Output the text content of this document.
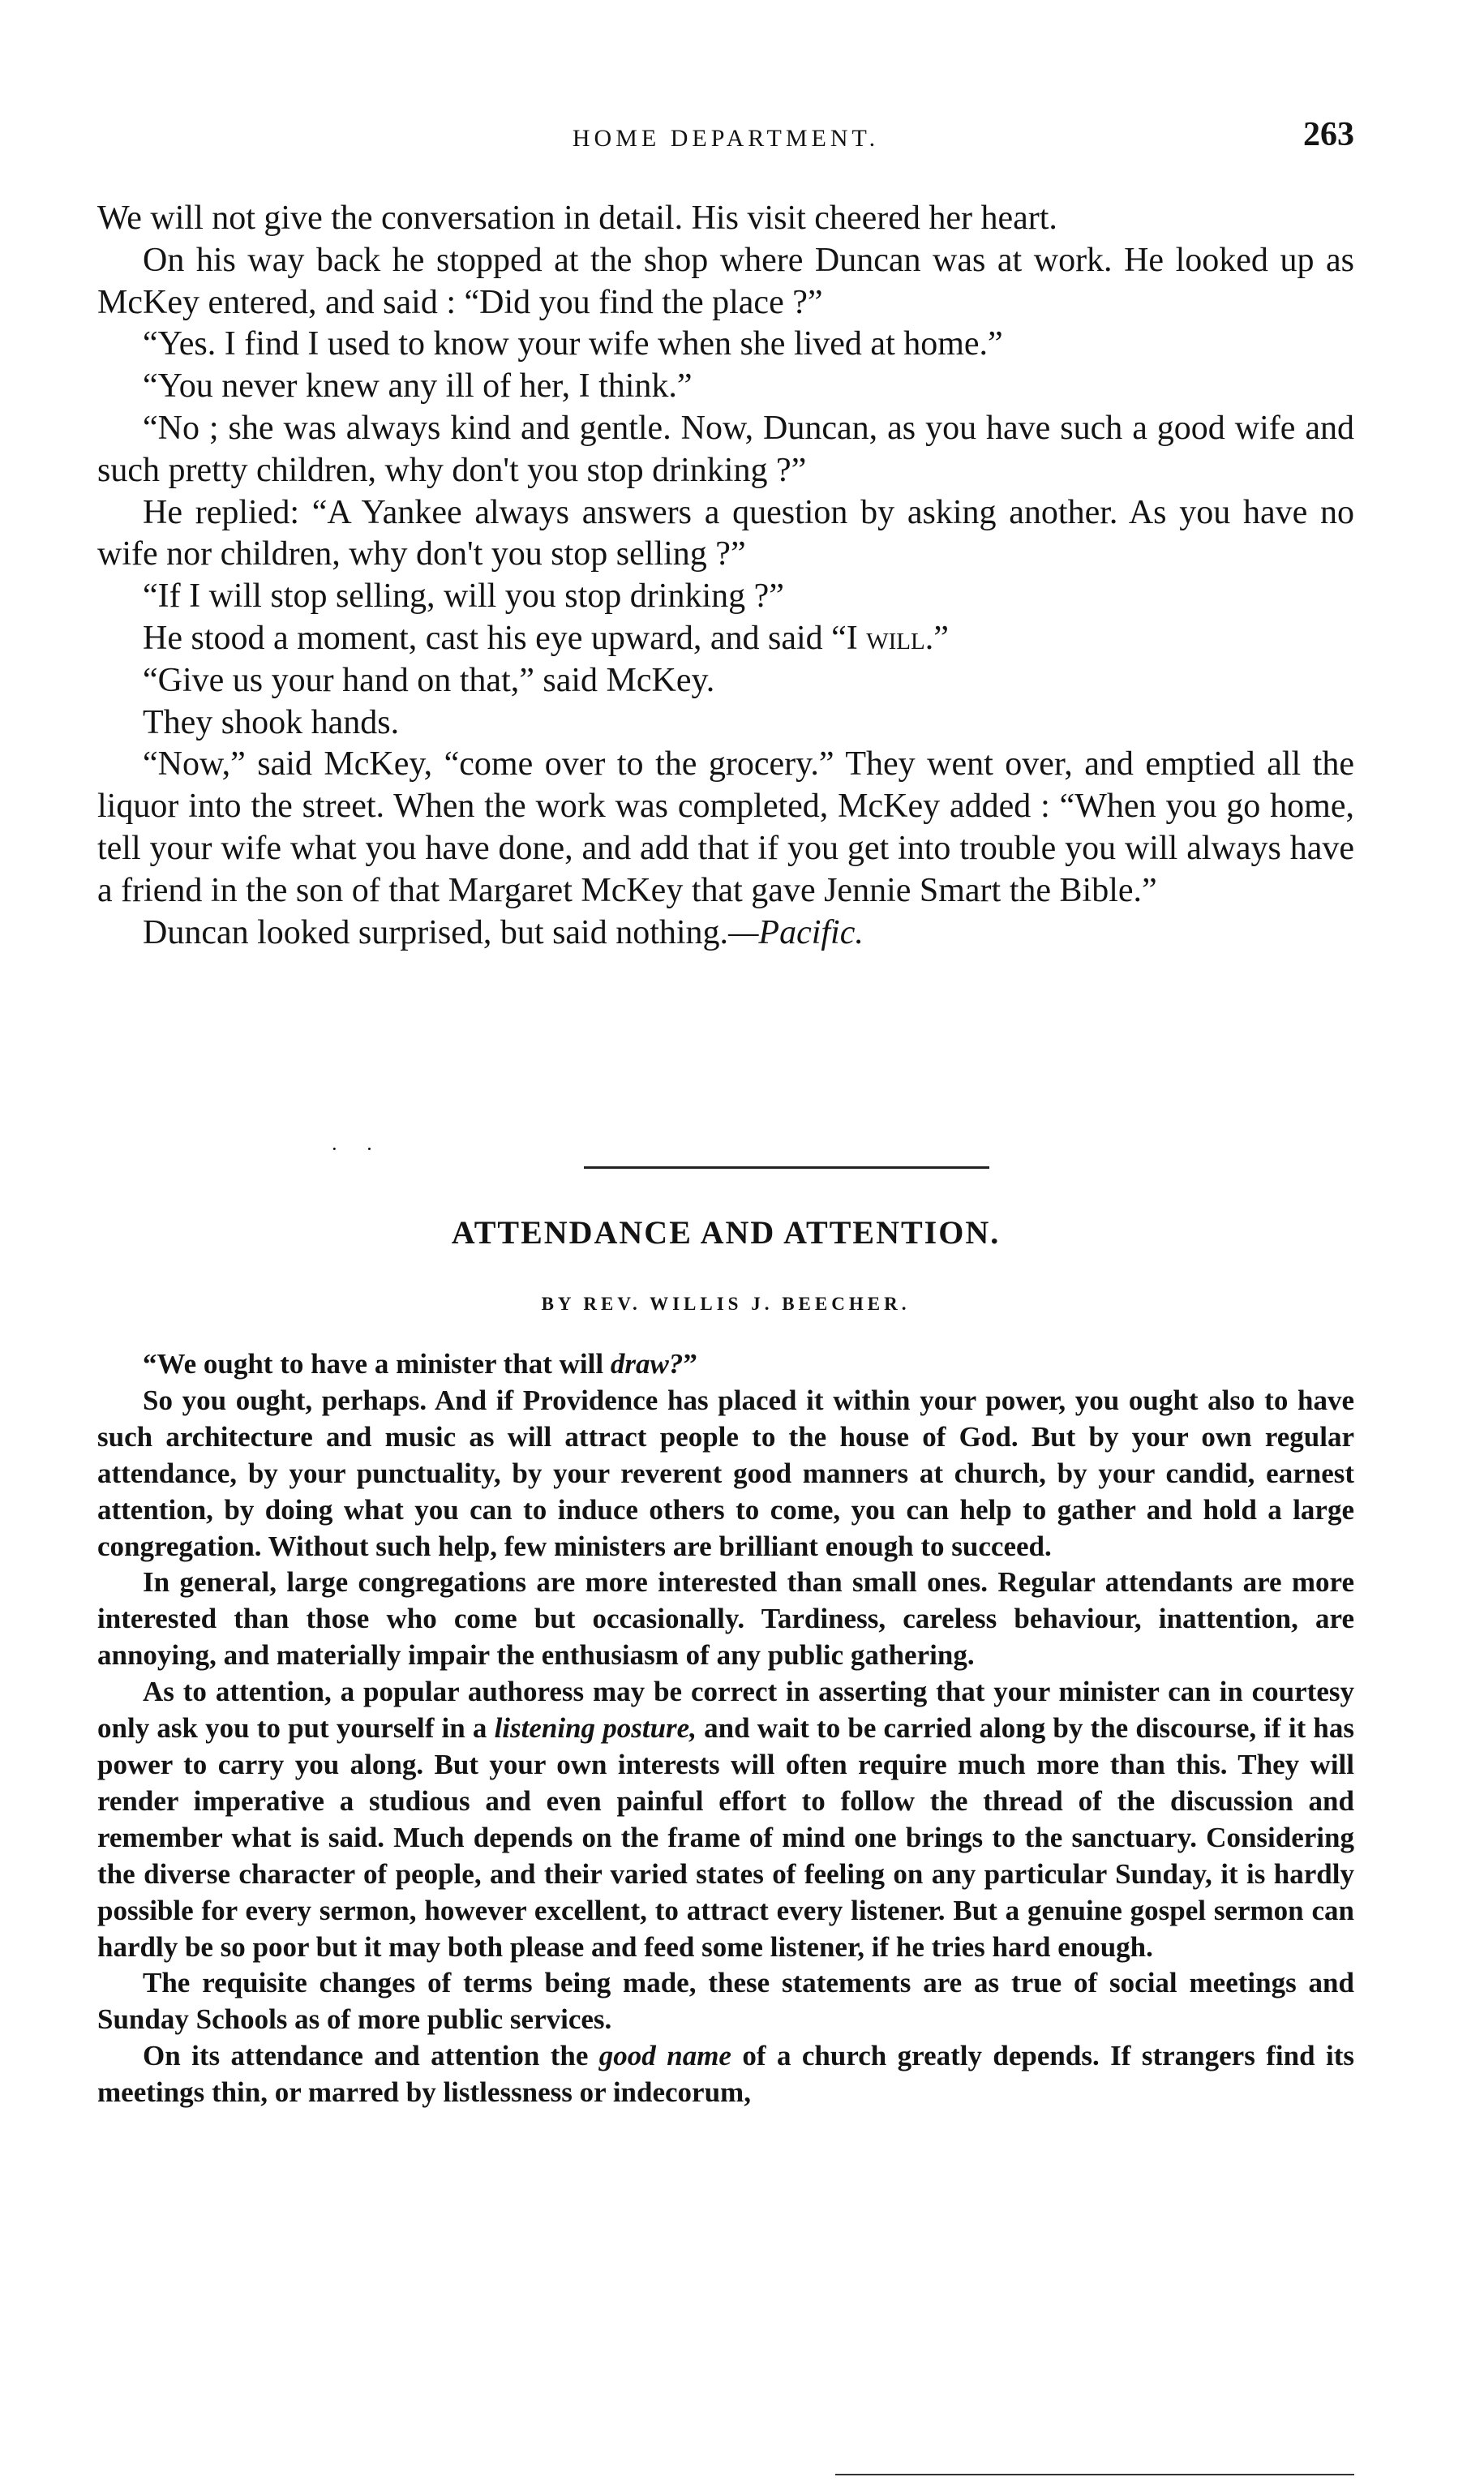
HOME DEPARTMENT.	263

We will not give the conversation in detail. His visit cheered her heart.

On his way back he stopped at the shop where Duncan was at work. He looked up as McKey entered, and said : “Did you find the place ?”

“Yes. I find I used to know your wife when she lived at home.”

“You never knew any ill of her, I think.”

“No ; she was always kind and gentle. Now, Duncan, as you have such a good wife and such pretty children, why don't you stop drinking ?”

He replied: “A Yankee always answers a question by asking another. As you have no wife nor children, why don't you stop selling ?”

“If I will stop selling, will you stop drinking ?”

He stood a moment, cast his eye upward, and said “I will.”

“Give us your hand on that,” said McKey.

They shook hands.

“Now,” said McKey, “come over to the grocery.” They went over, and emptied all the liquor into the street. When the work was completed, McKey added : “When you go home, tell your wife what you have done, and add that if you get into trouble you will always have a friend in the son of that Margaret McKey that gave Jennie Smart the Bible.”

Duncan looked surprised, but said nothing.—Pacific.

· ·
ATTENDANCE AND ATTENTION.
BY REV. WILLIS J. BEECHER.

“We ought to have a minister that will draw?”

So you ought, perhaps. And if Providence has placed it within your power, you ought also to have such architecture and music as will attract people to the house of God. But by your own regular attendance, by your punctuality, by your reverent good manners at church, by your candid, earnest attention, by doing what you can to induce others to come, you can help to gather and hold a large congregation. Without such help, few ministers are brilliant enough to succeed.

In general, large congregations are more interested than small ones. Regular attendants are more interested than those who come but occasionally. Tardiness, careless behaviour, inattention, are annoying, and materially impair the enthusiasm of any public gathering.

As to attention, a popular authoress may be correct in asserting that your minister can in courtesy only ask you to put yourself in a listening posture, and wait to be carried along by the discourse, if it has power to carry you along. But your own interests will often require much more than this. They will render imperative a studious and even painful effort to follow the thread of the discussion and remember what is said. Much depends on the frame of mind one brings to the sanctuary. Considering the diverse character of people, and their varied states of feeling on any particular Sunday, it is hardly possible for every sermon, however excellent, to attract every listener. But a genuine gospel sermon can hardly be so poor but it may both please and feed some listener, if he tries hard enough.

The requisite changes of terms being made, these statements are as true of social meetings and Sunday Schools as of more public services.

On its attendance and attention the good name of a church greatly depends. If strangers find its meetings thin, or marred by listlessness or indecorum,
